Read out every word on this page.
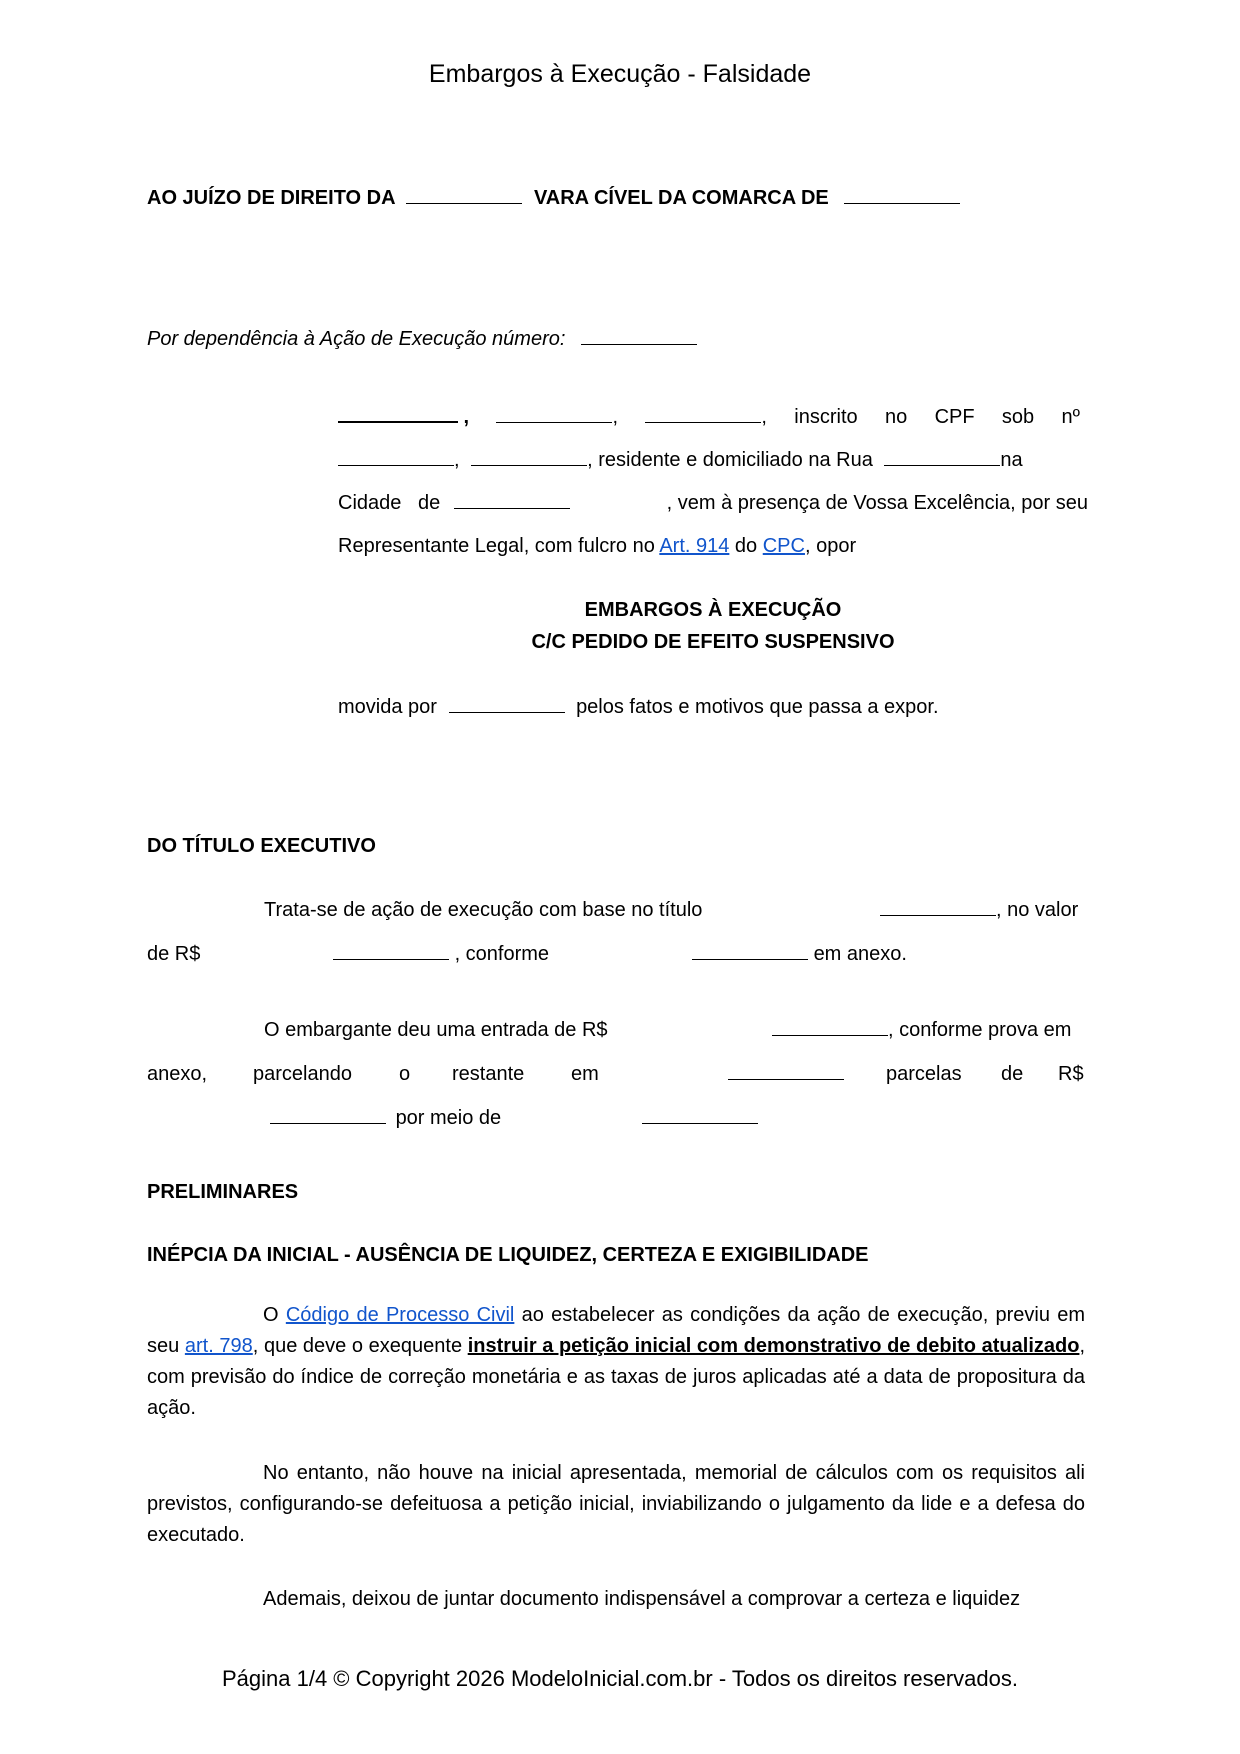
Embargos à Execução - Falsidade
AO JUÍZO DE DIREITO DA	VARA CÍVEL DA COMARCA DE
Por dependência à Ação de Execução número:
,	,	, inscrito no CPF sob nº
,	, residente e domiciliado na Rua	na
Cidade   de	, vem à presença de Vossa Excelência, por seu
Representante Legal, com fulcro no Art. 914 do CPC, opor
EMBARGOS À EXECUÇÃO
C/C PEDIDO DE EFEITO SUSPENSIVO
movida por	pelos fatos e motivos que passa a expor.
DO TÍTULO EXECUTIVO
Trata-se de ação de execução com base no título	, no valor
de R$	, conforme	em anexo.
O embargante deu uma entrada de R$	, conforme prova em
anexo, parcelando o restante em	parcelas de R$
por meio de
PRELIMINARES
INÉPCIA DA INICIAL - AUSÊNCIA DE LIQUIDEZ, CERTEZA E EXIGIBILIDADE
O Código de Processo Civil ao estabelecer as condições da ação de execução, previu em seu art. 798, que deve o exequente instruir a petição inicial com demonstrativo de debito atualizado, com previsão do índice de correção monetária e as taxas de juros aplicadas até a data de propositura da ação.
No entanto, não houve na inicial apresentada, memorial de cálculos com os requisitos ali previstos, configurando-se defeituosa a petição inicial, inviabilizando o julgamento da lide e a defesa do executado.
Ademais, deixou de juntar documento indispensável a comprovar a certeza e liquidez
Página 1/4 © Copyright 2026 ModeloInicial.com.br - Todos os direitos reservados.
